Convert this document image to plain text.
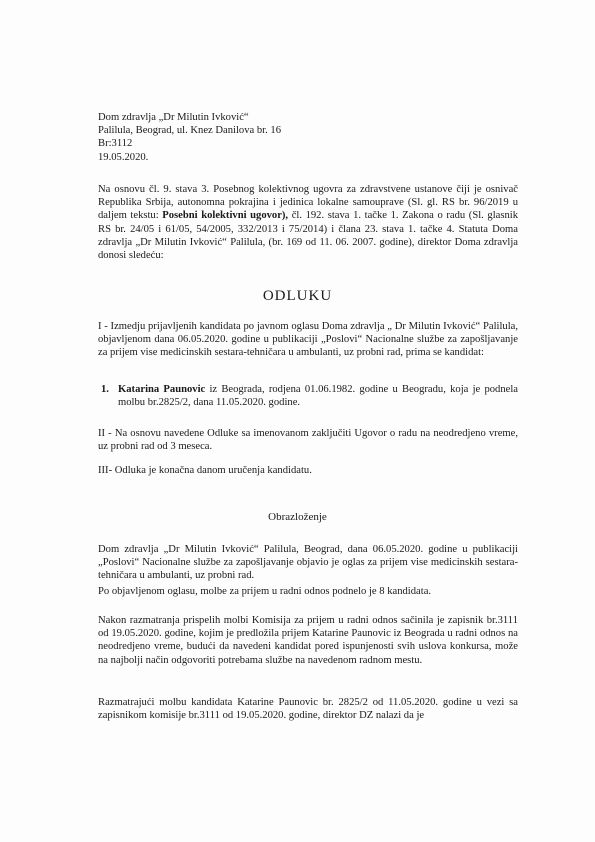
Dom zdravlja „Dr Milutin Ivković“
Palilula, Beograd, ul. Knez Danilova br. 16
Br:3112
19.05.2020.
Na osnovu čl. 9. stava 3. Posebnog kolektivnog ugovra za zdravstvene ustanove čiji je osnivač Republika Srbija, autonomna pokrajina i jedinica lokalne samouprave (Sl. gl. RS br. 96/2019 u daljem tekstu: Posebni kolektivni ugovor), čl. 192. stava 1. tačke 1. Zakona o radu (Sl. glasnik RS br. 24/05 i 61/05, 54/2005, 332/2013 i 75/2014) i člana 23. stava 1. tačke 4. Statuta Doma zdravlja „Dr Milutin Ivković“ Palilula, (br. 169 od 11. 06. 2007. godine), direktor Doma zdravlja donosi sledeću:
ODLUKU
I - Izmedju prijavljenih kandidata po javnom oglasu Doma zdravlja „ Dr Milutin Ivković“ Palilula, objavljenom dana 06.05.2020. godine u publikaciji „Poslovi“ Nacionalne službe za zapošljavanje za prijem vise medicinskih sestara-tehničara u ambulanti, uz probni rad, prima se kandidat:
1. Katarina Paunovic iz Beograda, rodjena 01.06.1982. godine u Beogradu, koja je podnela molbu br.2825/2, dana 11.05.2020. godine.
II - Na osnovu navedene Odluke sa imenovanom zaključiti Ugovor o radu na neodredjeno vreme, uz probni rad od 3 meseca.
III- Odluka je konačna danom uručenja kandidatu.
Obrazloženje
Dom zdravlja „Dr Milutin Ivković“ Palilula, Beograd, dana 06.05.2020. godine u publikaciji „Poslovi“ Nacionalne službe za zapošljavanje objavio je oglas za prijem vise medicinskih sestara-tehničara u ambulanti, uz probni rad.
Po objavljenom oglasu, molbe za prijem u radni odnos podnelo je 8 kandidata.
Nakon razmatranja prispelih molbi Komisija za prijem u radni odnos sačinila je zapisnik br.3111 od 19.05.2020. godine, kojim je predložila prijem Katarine Paunovic iz Beograda u radni odnos na neodredjeno vreme, budući da navedeni kandidat pored ispunjenosti svih uslova konkursa, može na najbolji način odgovoriti potrebama službe na navedenom radnom mestu.
Razmatrajući molbu kandidata Katarine Paunovic br. 2825/2 od 11.05.2020. godine u vezi sa zapisnikom komisije br.3111 od 19.05.2020. godine, direktor DZ nalazi da je
